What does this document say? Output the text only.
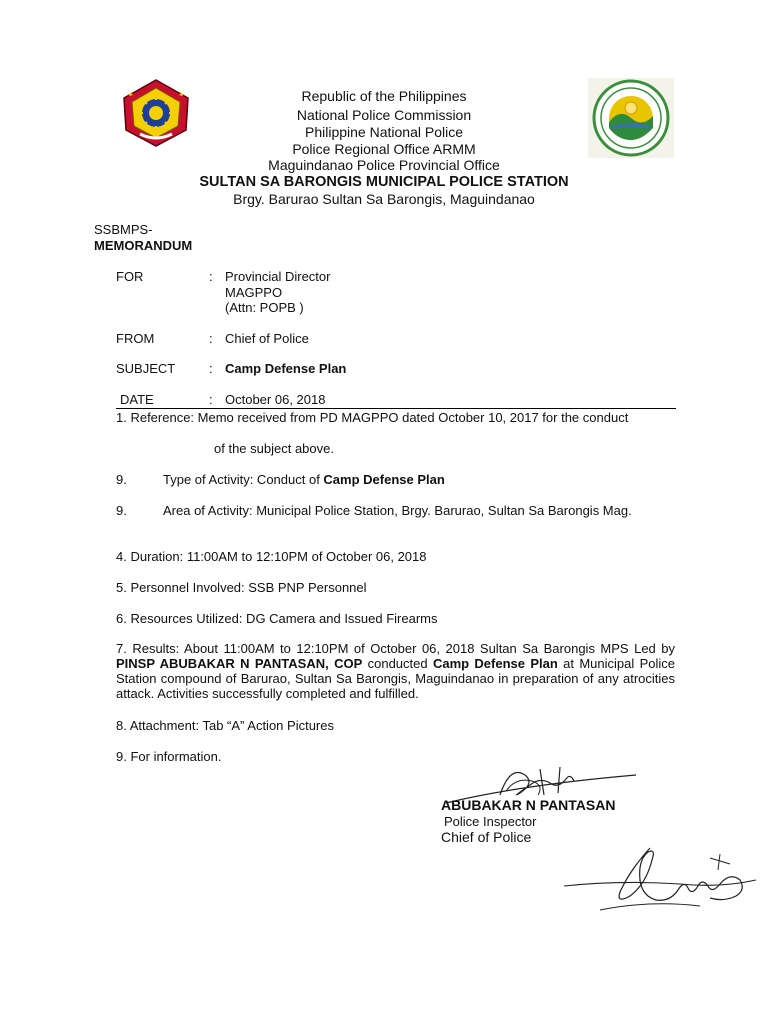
Republic of the Philippines
National Police Commission
Philippine National Police
Police Regional Office ARMM
Maguindanao Police Provincial Office
SULTAN SA BARONGIS MUNICIPAL POLICE STATION
Brgy. Barurao Sultan Sa Barongis, Maguindanao
SSBMPS-
MEMORANDUM
FOR	: Provincial Director
MAGPPO
(Attn: POPB )
FROM	: Chief of Police
SUBJECT	: Camp Defense Plan
DATE	: October 06, 2018
1. Reference: Memo received from PD MAGPPO dated October 10, 2017 for the conduct
of the subject above.
9.	Type of Activity: Conduct of Camp Defense Plan
9.	Area of Activity: Municipal Police Station, Brgy. Barurao, Sultan Sa Barongis Mag.
4. Duration: 11:00AM to 12:10PM of October 06, 2018
5. Personnel Involved: SSB PNP Personnel
6. Resources Utilized: DG Camera and Issued Firearms
7. Results: About 11:00AM to 12:10PM of October 06, 2018 Sultan Sa Barongis MPS Led by PINSP ABUBAKAR N PANTASAN, COP conducted Camp Defense Plan at Municipal Police Station compound of Barurao, Sultan Sa Barongis, Maguindanao in preparation of any atrocities attack. Activities successfully completed and fulfilled.
8. Attachment: Tab “A” Action Pictures
9. For information.
ABUBAKAR N PANTASAN
Police Inspector
Chief of Police
